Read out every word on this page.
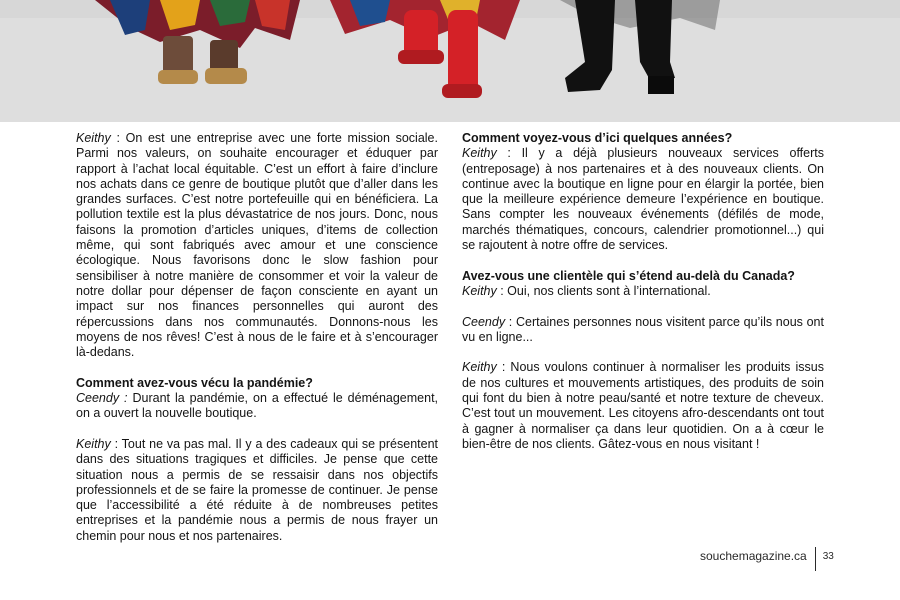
Keithy : On est une entreprise avec une forte mission sociale. Parmi nos valeurs, on souhaite encourager et éduquer par rapport à l’achat local équitable. C’est un effort à faire d’inclure nos achats dans ce genre de boutique plutôt que d’aller dans les grandes surfaces. C’est notre portefeuille qui en bénéficiera. La pollution textile est la plus dévastatrice de nos jours. Donc, nous faisons la promotion d’articles uniques, d’items de collection même, qui sont fabriqués avec amour et une conscience écologique. Nous favorisons donc le slow fashion pour sensibiliser à notre manière de consommer et voir la valeur de notre dollar pour dépenser de façon consciente en ayant un impact sur nos finances personnelles qui auront des répercussions dans nos communautés. Donnons-nous les moyens de nos rêves! C’est à nous de le faire et à s’encourager là-dedans.

Comment avez-vous vécu la pandémie?

Ceendy : Durant la pandémie, on a effectué le déménagement, on a ouvert la nouvelle boutique.

Keithy : Tout ne va pas mal. Il y a des cadeaux qui se présentent dans des situations tragiques et difficiles. Je pense que cette situation nous a permis de se ressaisir dans nos objectifs professionnels et de se faire la promesse de continuer. Je pense que l’accessibilité a été réduite à de nombreuses petites entreprises et la pandémie nous a permis de nous frayer un chemin pour nous et nos partenaires.

Comment voyez-vous d’ici quelques années?

Keithy : Il y a déjà plusieurs nouveaux services offerts (entreposage) à nos partenaires et à des nouveaux clients. On continue avec la boutique en ligne pour en élargir la portée, bien que la meilleure expérience demeure l’expérience en boutique. Sans compter les nouveaux événements (défilés de mode, marchés thématiques, concours, calendrier promotionnel...) qui se rajoutent à notre offre de services.

Avez-vous une clientèle qui s’étend au-delà du Canada?

Keithy : Oui, nos clients sont à l’international.

Ceendy : Certaines personnes nous visitent parce qu’ils nous ont vu en ligne...

Keithy : Nous voulons continuer à normaliser les produits issus de nos cultures et mouvements artistiques, des produits de soin qui font du bien à notre peau/santé et notre texture de cheveux. C’est tout un mouvement. Les citoyens afro-descendants ont tout à gagner à normaliser ça dans leur quotidien. On a à cœur le bien-être de nos clients. Gâtez-vous en nous visitant !

souchemagazine.ca	33
